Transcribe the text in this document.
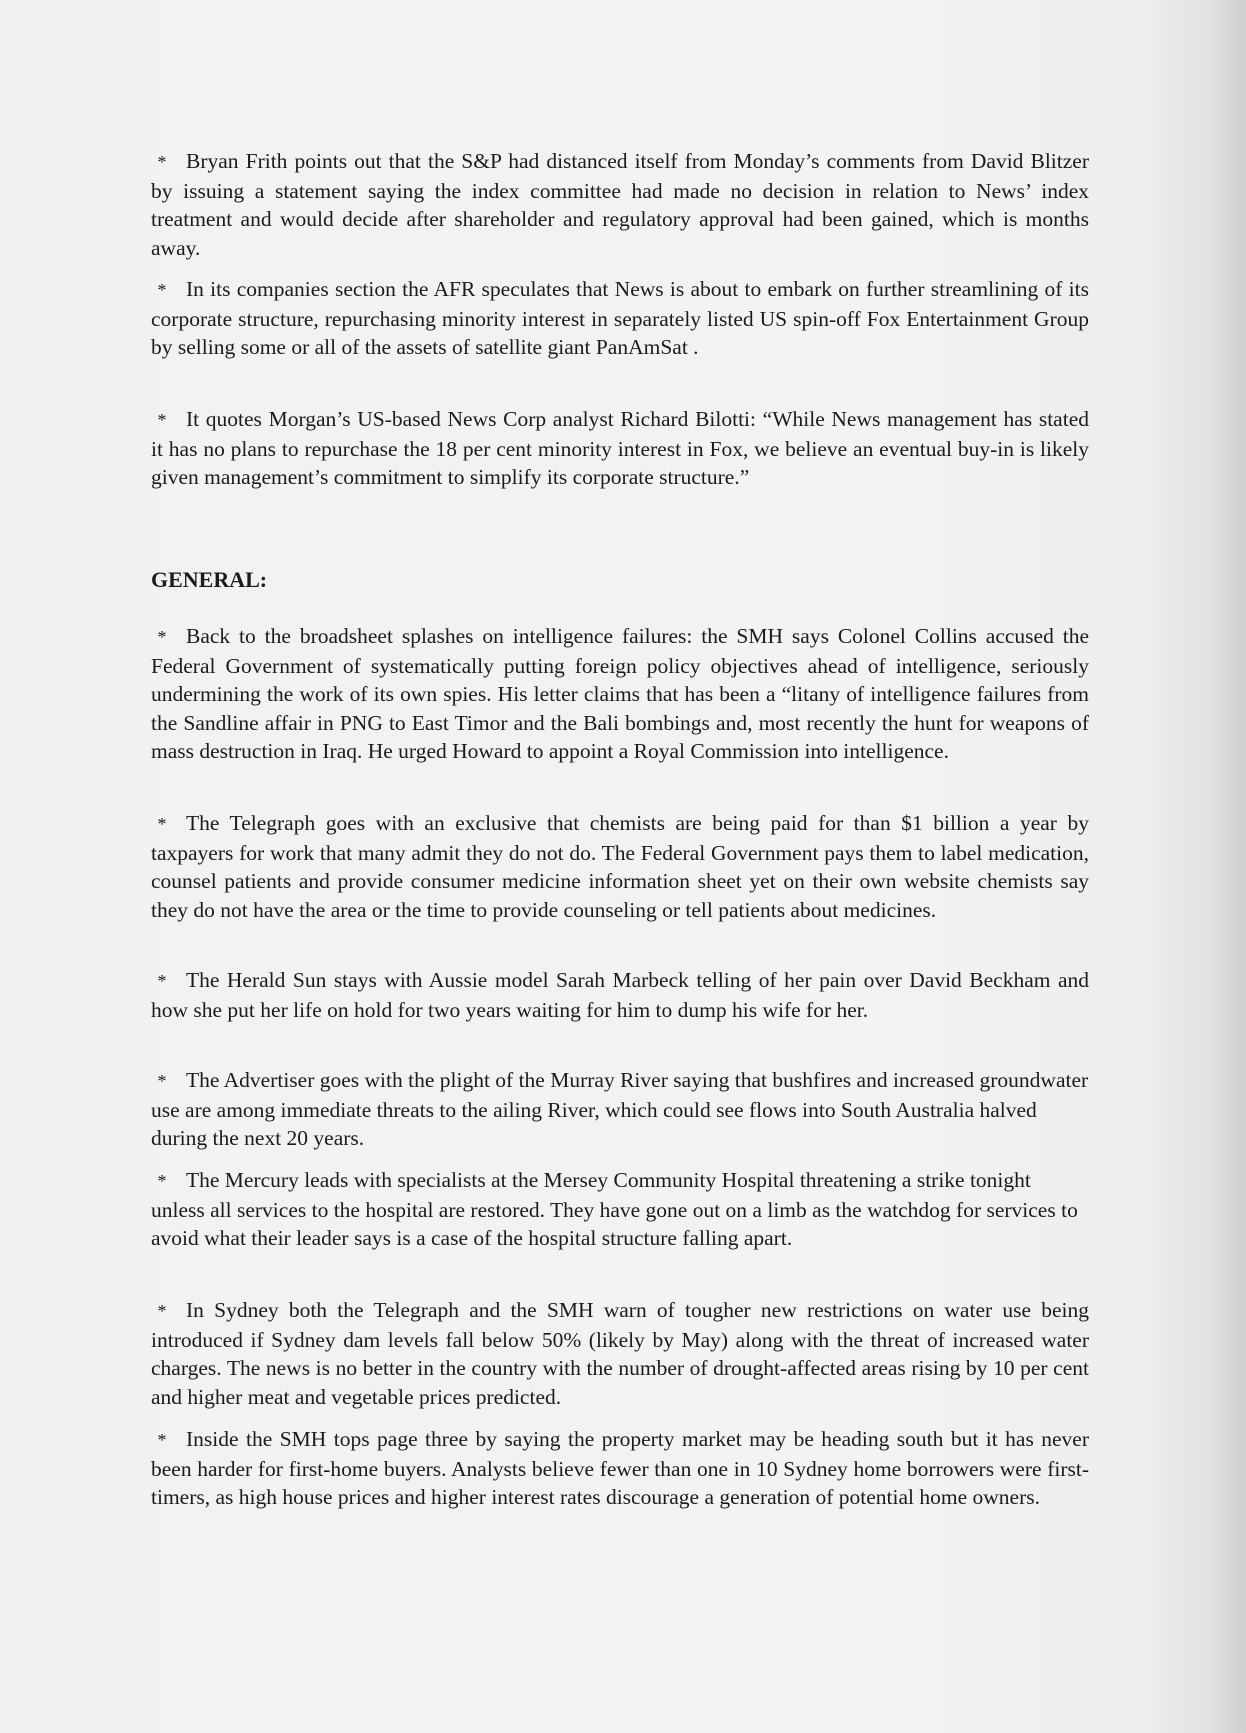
* Bryan Frith points out that the S&P had distanced itself from Monday’s comments from David Blitzer by issuing a statement saying the index committee had made no decision in relation to News’ index treatment and would decide after shareholder and regulatory approval had been gained, which is months away.

* In its companies section the AFR speculates that News is about to embark on further streamlining of its corporate structure, repurchasing minority interest in separately listed US spin-off Fox Entertainment Group by selling some or all of the assets of satellite giant PanAmSat .

* It quotes Morgan’s US-based News Corp analyst Richard Bilotti: “While News management has stated it has no plans to repurchase the 18 per cent minority interest in Fox, we believe an eventual buy-in is likely given management’s commitment to simplify its corporate structure.”

GENERAL:

* Back to the broadsheet splashes on intelligence failures: the SMH says Colonel Collins accused the Federal Government of systematically putting foreign policy objectives ahead of intelligence, seriously undermining the work of its own spies. His letter claims that has been a “litany of intelligence failures from the Sandline affair in PNG to East Timor and the Bali bombings and, most recently the hunt for weapons of mass destruction in Iraq. He urged Howard to appoint a Royal Commission into intelligence.

* The Telegraph goes with an exclusive that chemists are being paid for than $1 billion a year by taxpayers for work that many admit they do not do. The Federal Government pays them to label medication, counsel patients and provide consumer medicine information sheet yet on their own website chemists say they do not have the area or the time to provide counseling or tell patients about medicines.

* The Herald Sun stays with Aussie model Sarah Marbeck telling of her pain over David Beckham and how she put her life on hold for two years waiting for him to dump his wife for her.

* The Advertiser goes with the plight of the Murray River saying that bushfires and increased groundwater use are among immediate threats to the ailing River, which could see flows into South Australia halved during the next 20 years.

* The Mercury leads with specialists at the Mersey Community Hospital threatening a strike tonight unless all services to the hospital are restored. They have gone out on a limb as the watchdog for services to avoid what their leader says is a case of the hospital structure falling apart.

* In Sydney both the Telegraph and the SMH warn of tougher new restrictions on water use being introduced if Sydney dam levels fall below 50% (likely by May) along with the threat of increased water charges. The news is no better in the country with the number of drought-affected areas rising by 10 per cent and higher meat and vegetable prices predicted.

* Inside the SMH tops page three by saying the property market may be heading south but it has never been harder for first-home buyers. Analysts believe fewer than one in 10 Sydney home borrowers were first-timers, as high house prices and higher interest rates discourage a generation of potential home owners.
